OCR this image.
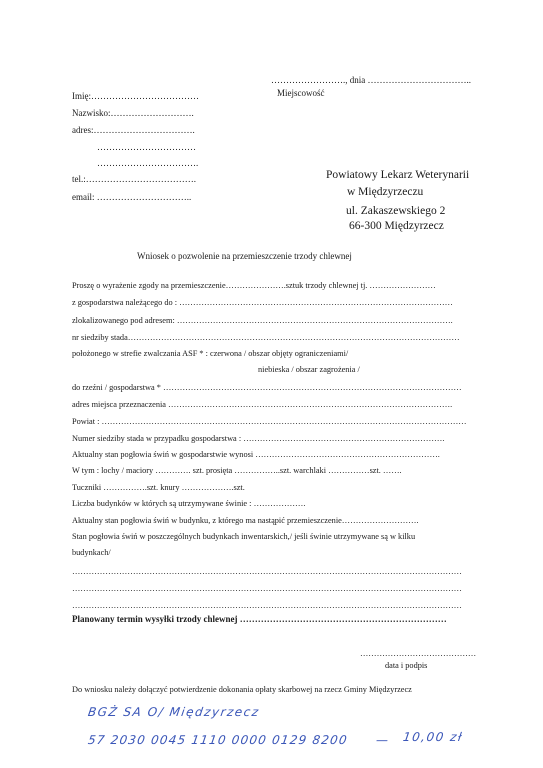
……………………., dnia ……………………………..
Miejscowość
Imię:………………………………
Nazwisko:……………………….
adres:…………………………….
……………………………
…………………………….
tel.:……………………………….
email: …………………………..
Powiatowy Lekarz Weterynarii
w Międzyrzeczu
ul. Zakaszewskiego 2
66-300 Międzyrzecz
Wniosek o pozwolenie na przemieszczenie trzody chlewnej
Proszę o wyrażenie zgody na przemieszczenie………………….sztuk trzody chlewnej tj. ……………………
z gospodarstwa należącego do : ………………………………………………………………………………………
zlokalizowanego pod adresem: ……………………………………………………………………………………….
nr siedziby stada…………………………………………………………………………………………………………
położonego w strefie zwalczania ASF * : czerwona / obszar objęty ograniczeniami/
niebieska / obszar zagrożenia /
do rzeźni / gospodarstwa * ………………………………………………………………………………………………
adres miejsca przeznaczenia ………………………………………………………………………………………….
Powiat : ……………………………………………………………………………………………………………………
Numer siedziby stada w przypadku gospodarstwa : ……………………………………………………………….
Aktualny stan pogłowia świń w gospodarstwie wynosi ………………………………………………………….
W tym : lochy / maciory …………. szt. prosięta ……………..szt. warchlaki ……………szt. …….
Tuczniki …………….szt. knury ……………….szt.
Liczba budynków w których są utrzymywane świnie : ……………….
Aktualny stan pogłowia świń w budynku, z którego ma nastąpić przemieszczenie……………………….
Stan pogłowia świń w poszczególnych budynkach inwentarskich,/ jeśli świnie utrzymywane są w kilku
budynkach/
……………………………………………………………………………………………………………………………
……………………………………………………………………………………………………………………………
……………………………………………………………………………………………………………………………
Planowany termin wysyłki trzody chlewnej ……………………………………………………………
……………………………………
data i podpis
Do wniosku należy dołączyć potwierdzenie dokonania opłaty skarbowej na rzecz Gminy Międzyrzecz
BGŻ SA O/ Międzyrzecz
57 2030 0045 1110 0000 0129 8200 — 10,00 zł
